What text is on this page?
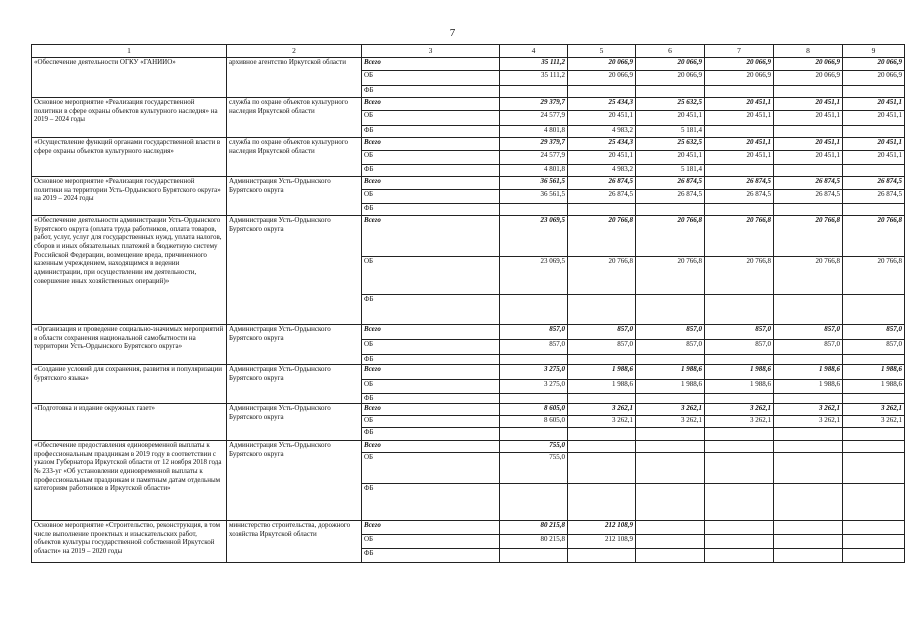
7
1	2	3	4	5	6	7	8	9
«Обеспечение деятельности ОГКУ «ГАНИИО»	архивное агентство Иркутской области	Всего	35 111,2	20 066,9	20 066,9	20 066,9	20 066,9	20 066,9
		ОБ	35 111,2	20 066,9	20 066,9	20 066,9	20 066,9	20 066,9
		ФБ						
Основное мероприятие «Реализация государственной политики в сфере охраны объектов культурного наследия» на 2019 – 2024 годы	служба по охране объектов культурного наследия Иркутской области	Всего	29 379,7	25 434,3	25 632,5	20 451,1	20 451,1	20 451,1
		ОБ	24 577,9	20 451,1	20 451,1	20 451,1	20 451,1	20 451,1
		ФБ	4 801,8	4 983,2	5 181,4			
«Осуществление функций органами государственной власти в сфере охраны объектов культурного наследия»	служба по охране объектов культурного наследия Иркутской области	Всего	29 379,7	25 434,3	25 632,5	20 451,1	20 451,1	20 451,1
		ОБ	24 577,9	20 451,1	20 451,1	20 451,1	20 451,1	20 451,1
		ФБ	4 801,8	4 983,2	5 181,4			
Основное мероприятие «Реализация государственной политики на территории Усть-Ордынского Бурятского округа» на 2019 – 2024 годы	Администрация Усть-Ордынского Бурятского округа	Всего	36 561,5	26 874,5	26 874,5	26 874,5	26 874,5	26 874,5
		ОБ	36 561,5	26 874,5	26 874,5	26 874,5	26 874,5	26 874,5
		ФБ						
«Обеспечение деятельности администрации Усть-Ордынского Бурятского округа (оплата труда работников, оплата товаров, работ, услуг, услуг для государственных нужд, уплата налогов, сборов и иных обязательных платежей в бюджетную систему Российской Федерации, возмещение вреда, причиненного казенным учреждением, находящимся в ведении администрации, при осуществлении им деятельности, совершение иных хозяйственных операций)»	Администрация Усть-Ордынского Бурятского округа	Всего	23 069,5	20 766,8	20 766,8	20 766,8	20 766,8	20 766,8
		ОБ	23 069,5	20 766,8	20 766,8	20 766,8	20 766,8	20 766,8
		ФБ						
«Организация и проведение социально-значимых мероприятий в области сохранения национальной самобытности на территории Усть-Ордынского Бурятского округа»	Администрация Усть-Ордынского Бурятского округа	Всего	857,0	857,0	857,0	857,0	857,0	857,0
		ОБ	857,0	857,0	857,0	857,0	857,0	857,0
		ФБ						
«Создание условий для сохранения, развития и популяризации бурятского языка»	Администрация Усть-Ордынского Бурятского округа	Всего	3 275,0	1 988,6	1 988,6	1 988,6	1 988,6	1 988,6
		ОБ	3 275,0	1 988,6	1 988,6	1 988,6	1 988,6	1 988,6
		ФБ						
«Подготовка и издание окружных газет»	Администрация Усть-Ордынского Бурятского округа	Всего	8 605,0	3 262,1	3 262,1	3 262,1	3 262,1	3 262,1
		ОБ	8 605,0	3 262,1	3 262,1	3 262,1	3 262,1	3 262,1
		ФБ						
«Обеспечение предоставления единовременной выплаты к профессиональным праздникам в 2019 году в соответствии с указом Губернатора Иркутской области от 12 ноября 2018 года № 233-уг «Об установлении единовременной выплаты к профессиональным праздникам и памятным датам отдельным категориям работников в Иркутской области»	Администрация Усть-Ордынского Бурятского округа	Всего	755,0					
		ОБ	755,0					
		ФБ						
Основное мероприятие «Строительство, реконструкция, в том числе выполнение проектных и изыскательских работ, объектов культуры государственной собственной Иркутской области» на 2019 – 2020 годы	министерство строительства, дорожного хозяйства Иркутской области	Всего	80 215,8	212 108,9				
		ОБ	80 215,8	212 108,9				
		ФБ						
